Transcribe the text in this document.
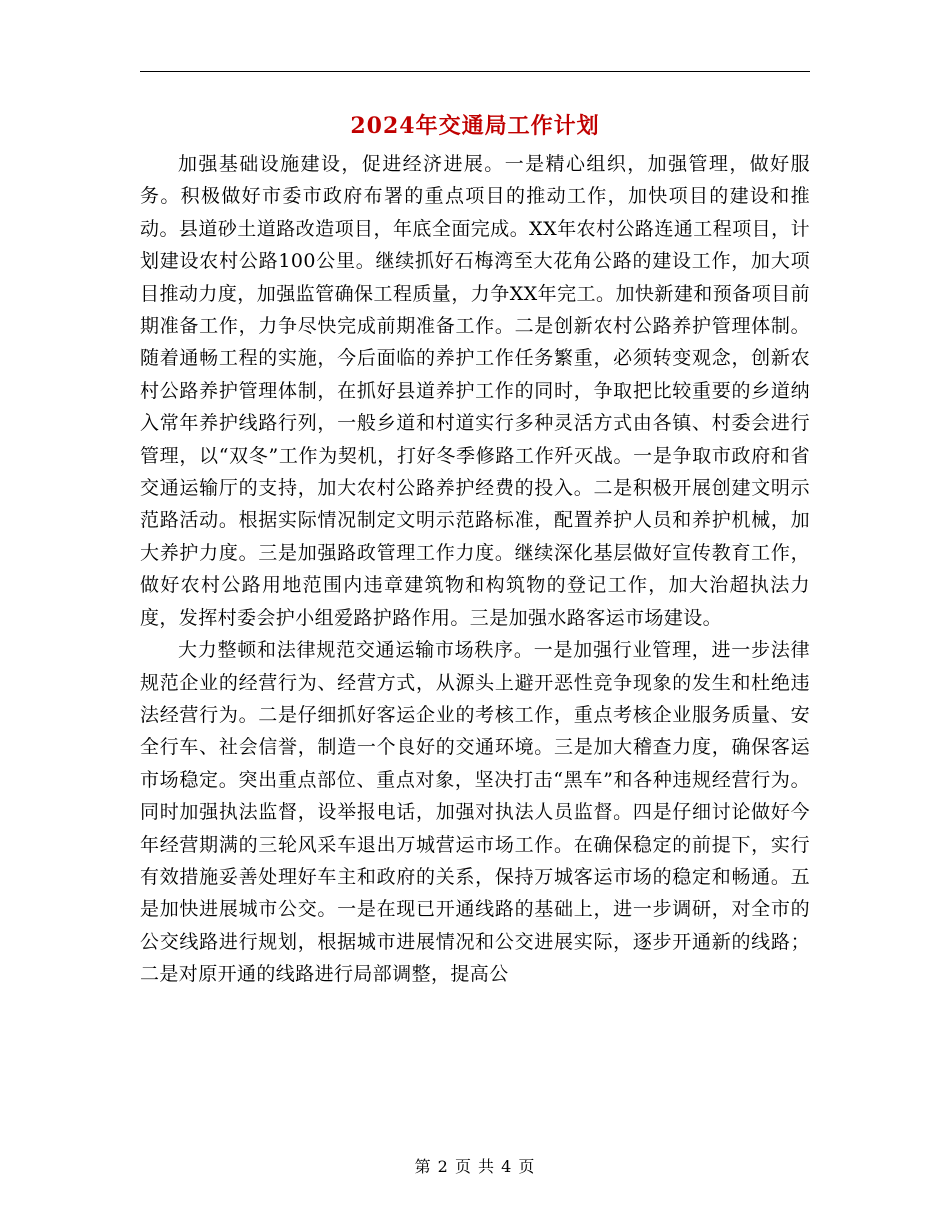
2024年交通局工作计划

加强基础设施建设，促进经济进展。一是精心组织，加强管理，做好服务。积极做好市委市政府布署的重点项目的推动工作，加快项目的建设和推动。县道砂土道路改造项目，年底全面完成。XX年农村公路连通工程项目，计划建设农村公路100公里。继续抓好石梅湾至大花角公路的建设工作，加大项目推动力度，加强监管确保工程质量，力争XX年完工。加快新建和预备项目前期准备工作，力争尽快完成前期准备工作。二是创新农村公路养护管理体制。随着通畅工程的实施，今后面临的养护工作任务繁重，必须转变观念，创新农村公路养护管理体制，在抓好县道养护工作的同时，争取把比较重要的乡道纳入常年养护线路行列，一般乡道和村道实行多种灵活方式由各镇、村委会进行管理，以“双冬”工作为契机，打好冬季修路工作歼灭战。一是争取市政府和省交通运输厅的支持，加大农村公路养护经费的投入。二是积极开展创建文明示范路活动。根据实际情况制定文明示范路标准，配置养护人员和养护机械，加大养护力度。三是加强路政管理工作力度。继续深化基层做好宣传教育工作，做好农村公路用地范围内违章建筑物和构筑物的登记工作，加大治超执法力度，发挥村委会护小组爱路护路作用。三是加强水路客运市场建设。

大力整顿和法律规范交通运输市场秩序。一是加强行业管理，进一步法律规范企业的经营行为、经营方式，从源头上避开恶性竞争现象的发生和杜绝违法经营行为。二是仔细抓好客运企业的考核工作，重点考核企业服务质量、安全行车、社会信誉，制造一个良好的交通环境。三是加大稽查力度，确保客运市场稳定。突出重点部位、重点对象，坚决打击“黑车”和各种违规经营行为。同时加强执法监督，设举报电话，加强对执法人员监督。四是仔细讨论做好今年经营期满的三轮风采车退出万城营运市场工作。在确保稳定的前提下，实行有效措施妥善处理好车主和政府的关系，保持万城客运市场的稳定和畅通。五是加快进展城市公交。一是在现已开通线路的基础上，进一步调研，对全市的公交线路进行规划，根据城市进展情况和公交进展实际，逐步开通新的线路；二是对原开通的线路进行局部调整，提高公

第 2 页 共 4 页
